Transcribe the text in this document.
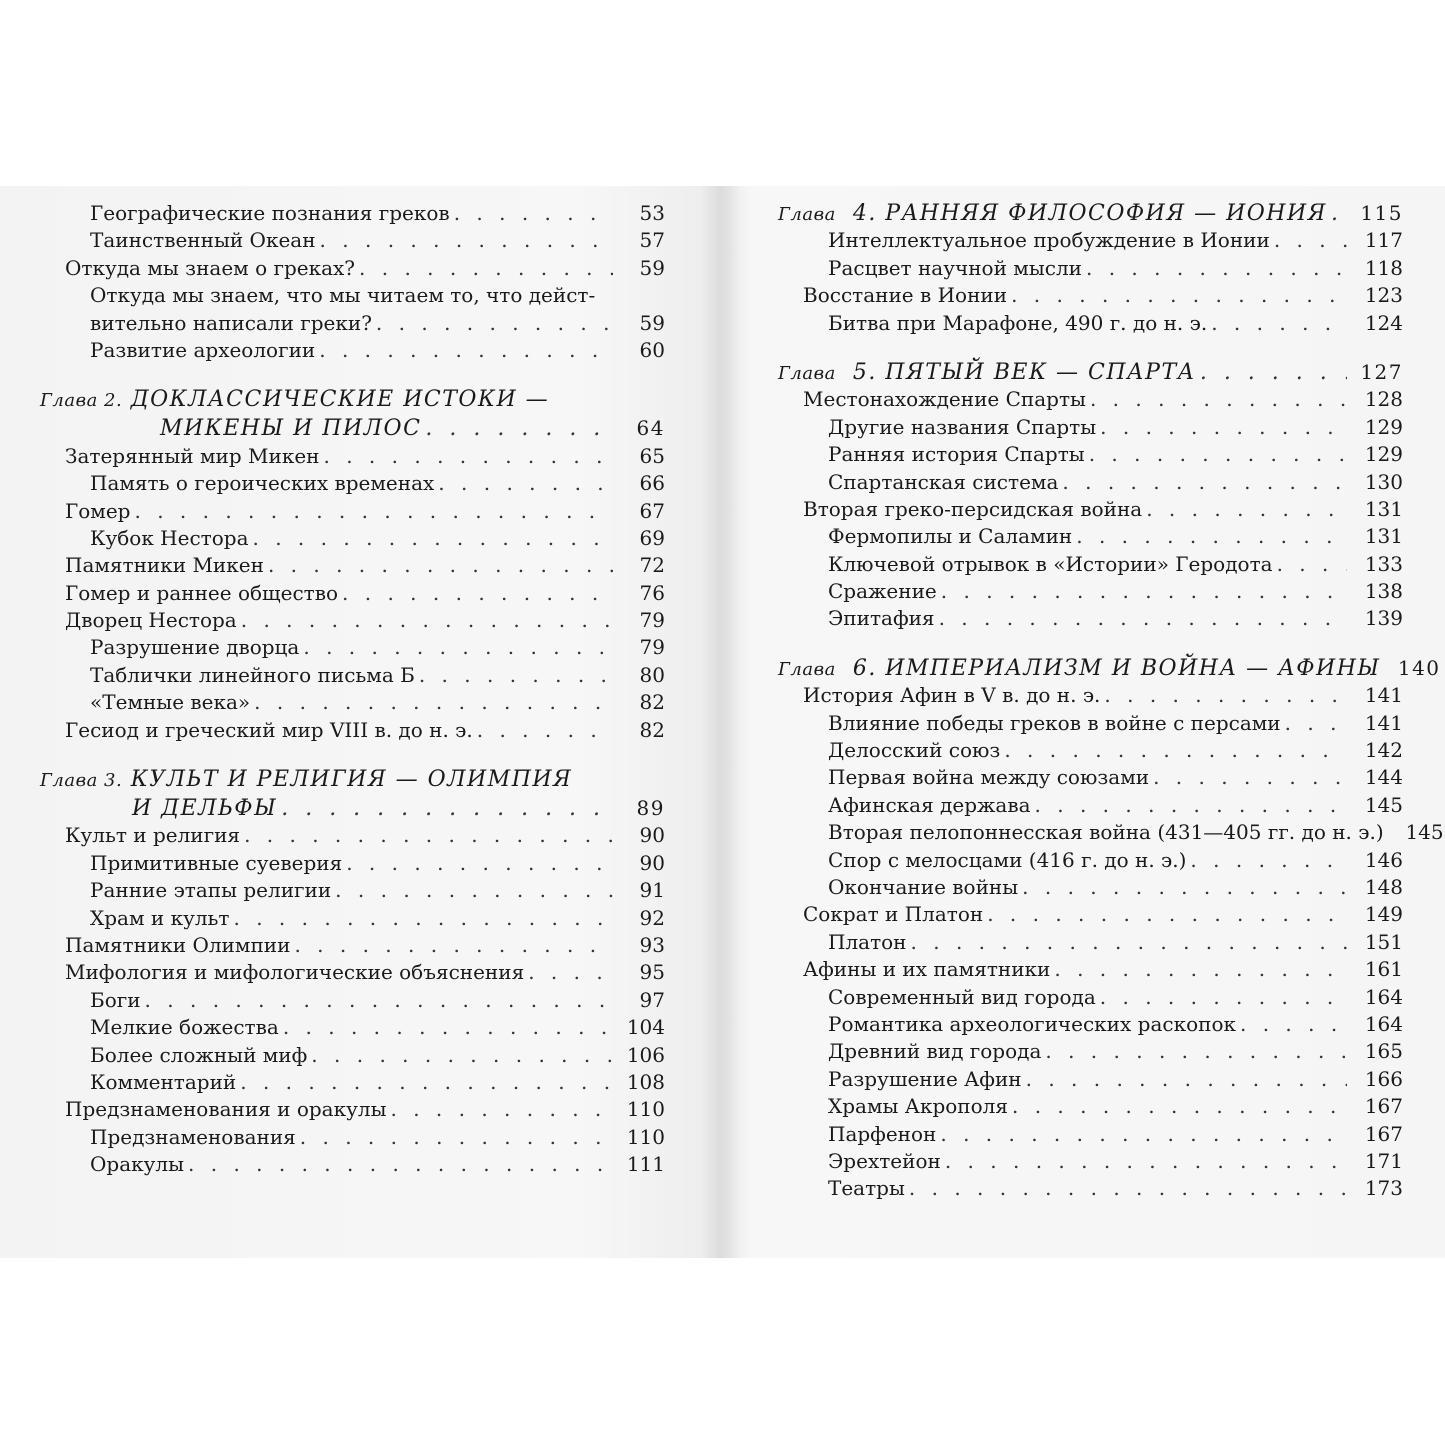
Географические познания греков . . .	53
Таинственный Океан . . .	57
Откуда мы знаем о греках? . . .	59
Откуда мы знаем, что мы читаем то, что дейст-
вительно написали греки? . . .	59
Развитие археологии . . .	60
Глава 2.
ДОКЛАССИЧЕСКИЕ ИСТОКИ —
МИКЕНЫ И ПИЛОС . . .	64
Затерянный мир Микен . . .	65
Память о героических временах . . .	66
Гомер . . .	67
Кубок Нестора . . .	69
Памятники Микен . . .	72
Гомер и раннее общество . . .	76
Дворец Нестора . . .	79
Разрушение дворца . . .	79
Таблички линейного письма Б . . .	80
«Темные века» . . .	82
Гесиод и греческий мир VIII в. до н. э. . . .	82
Глава 3.
КУЛЬТ И РЕЛИГИЯ — ОЛИМПИЯ
И ДЕЛЬФЫ . . .	89
Культ и религия . . .	90
Примитивные суеверия . . .	90
Ранние этапы религии . . .	91
Храм и культ . . .	92
Памятники Олимпии . . .	93
Мифология и мифологические объяснения . . .	95
Боги . . .	97
Мелкие божества . . .	104
Более сложный миф . . .	106
Комментарий . . .	108
Предзнаменования и оракулы . . .	110
Предзнаменования . . .	110
Оракулы . . .	111
Глава 4. РАННЯЯ ФИЛОСОФИЯ — ИОНИЯ . . .	115
Интеллектуальное пробуждение в Ионии . . .	117
Расцвет научной мысли . . .	118
Восстание в Ионии . . .	123
Битва при Марафоне, 490 г. до н. э. . . .	124
Глава 5. ПЯТЫЙ ВЕК — СПАРТА . . .	127
Местонахождение Спарты . . .	128
Другие названия Спарты . . .	129
Ранняя история Спарты . . .	129
Спартанская система . . .	130
Вторая греко-персидская война . . .	131
Фермопилы и Саламин . . .	131
Ключевой отрывок в «Истории» Геродота . . .	133
Сражение . . .	138
Эпитафия . . .	139
Глава 6. ИМПЕРИАЛИЗМ И ВОЙНА — АФИНЫ 140
История Афин в V в. до н. э. . . .	141
Влияние победы греков в войне с персами . . .	141
Делосский союз . . .	142
Первая война между союзами . . .	144
Афинская держава . . .	145
Вторая пелопоннесская война (431—405 гг. до н. э.)	145
Спор с мелосцами (416 г. до н. э.) . . .	146
Окончание войны . . .	148
Сократ и Платон . . .	149
Платон . . .	151
Афины и их памятники . . .	161
Современный вид города . . .	164
Романтика археологических раскопок . . .	164
Древний вид города . . .	165
Разрушение Афин . . .	166
Храмы Акрополя . . .	167
Парфенон . . .	167
Эрехтейон . . .	171
Театры . . .	173
